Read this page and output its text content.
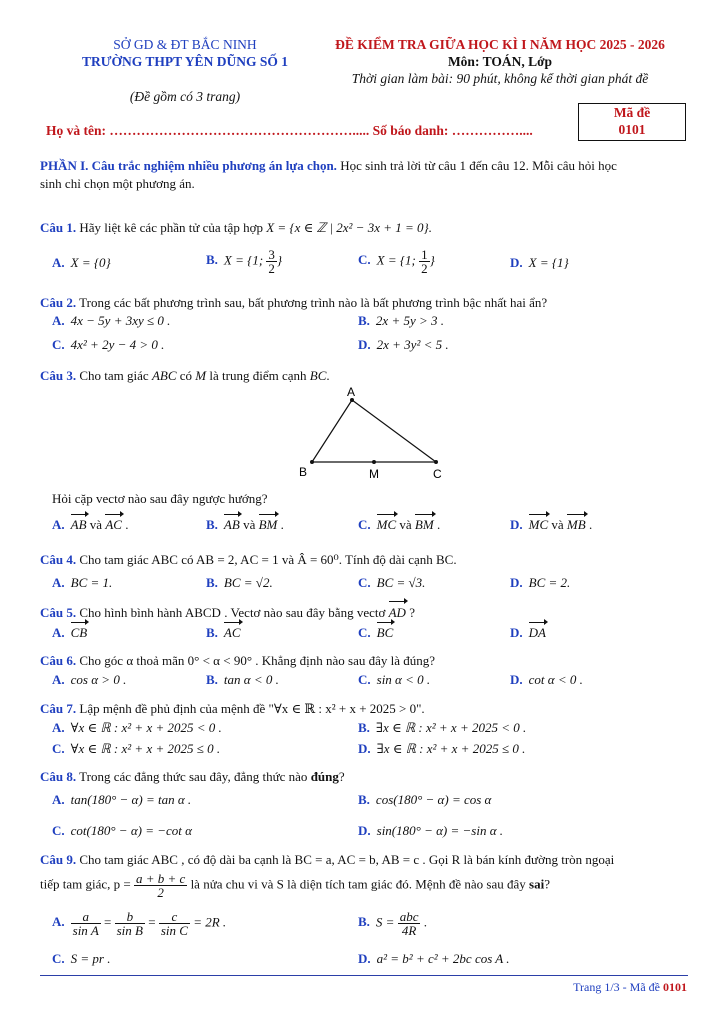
SỞ GD & ĐT BẮC NINH
TRƯỜNG THPT YÊN DŨNG SỐ 1
(Đề gồm có 3 trang)
ĐỀ KIỂM TRA GIỮA HỌC KÌ I NĂM HỌC 2025 - 2026
Môn: TOÁN, Lớp
Thời gian làm bài: 90 phút, không kể thời gian phát đề
Mã đề
0101
Họ và tên: ………………………………………………..... Số báo danh: ……………....
PHẦN I. Câu trắc nghiệm nhiều phương án lựa chọn. Học sinh trả lời từ câu 1 đến câu 12. Mỗi câu hỏi học
sinh chỉ chọn một phương án.
Câu 1. Hãy liệt kê các phần tử của tập hợp X = {x ∈ ℤ | 2x² − 3x + 1 = 0}.
A. X = {0}	B. X = {1; $\frac{3}{2}$ }	C. X = {1; $\frac{1}{2}$ }	D. X = {1}
Câu 2. Trong các bất phương trình sau, bất phương trình nào là bất phương trình bậc nhất hai ẩn?
A. 4x − 5y + 3xy ≤ 0 .	B. 2x + 5y > 3 .
C. 4x² + 2y − 4 > 0 .	D. 2x + 3y² < 5 .
Câu 3. Cho tam giác ABC có M là trung điểm cạnh BC.
A
B	C
M
Hỏi cặp vectơ nào sau đây ngược hướng?
A. AB và AC .	B. AB và BM .	C. MC và BM .	D. MC và MB .
Câu 4. Cho tam giác ABC có AB = 2, AC = 1 và Â = 60⁰. Tính độ dài cạnh BC.
A. BC = 1.	B. BC = √2.	C. BC = √3.	D. BC = 2.
Câu 5. Cho hình bình hành ABCD . Vectơ nào sau đây bằng vectơ AD ?
A. CB	B. AC	C. BC	D. DA
Câu 6. Cho góc α thoả mãn 0° < α < 90° . Khẳng định nào sau đây là đúng?
A. cos α > 0 .	B. tan α < 0 .	C. sin α < 0 .	D. cot α < 0 .
Câu 7. Lập mệnh đề phủ định của mệnh đề "∀x ∈ ℝ : x² + x + 2025 > 0".
A. ∀x ∈ ℝ : x² + x + 2025 < 0 .	B. ∃x ∈ ℝ : x² + x + 2025 < 0 .
C. ∀x ∈ ℝ : x² + x + 2025 ≤ 0 .	D. ∃x ∈ ℝ : x² + x + 2025 ≤ 0 .
Câu 8. Trong các đẳng thức sau đây, đẳng thức nào đúng?
A. tan(180° − α) = tan α .	B. cos(180° − α) = cos α
C. cot(180° − α) = −cot α	D. sin(180° − α) = −sin α .
Câu 9. Cho tam giác ABC , có độ dài ba cạnh là BC = a, AC = b, AB = c . Gọi R là bán kính đường tròn ngoại
tiếp tam giác, $p = \frac{a + b + c}{2}$ là nửa chu vi và S là diện tích tam giác đó. Mệnh đề nào sau đây sai?
A. $\frac{a}{\text{sin A}} = \frac{b}{\text{sin B}} = \frac{c}{\text{sin C}} = 2R$ .	B. $S = \frac{\text{abc}}{4R}$ .
C. S = pr .	D. a² = b² + c² + 2bc cos A .
Trang 1/3 - Mã đề 0101
